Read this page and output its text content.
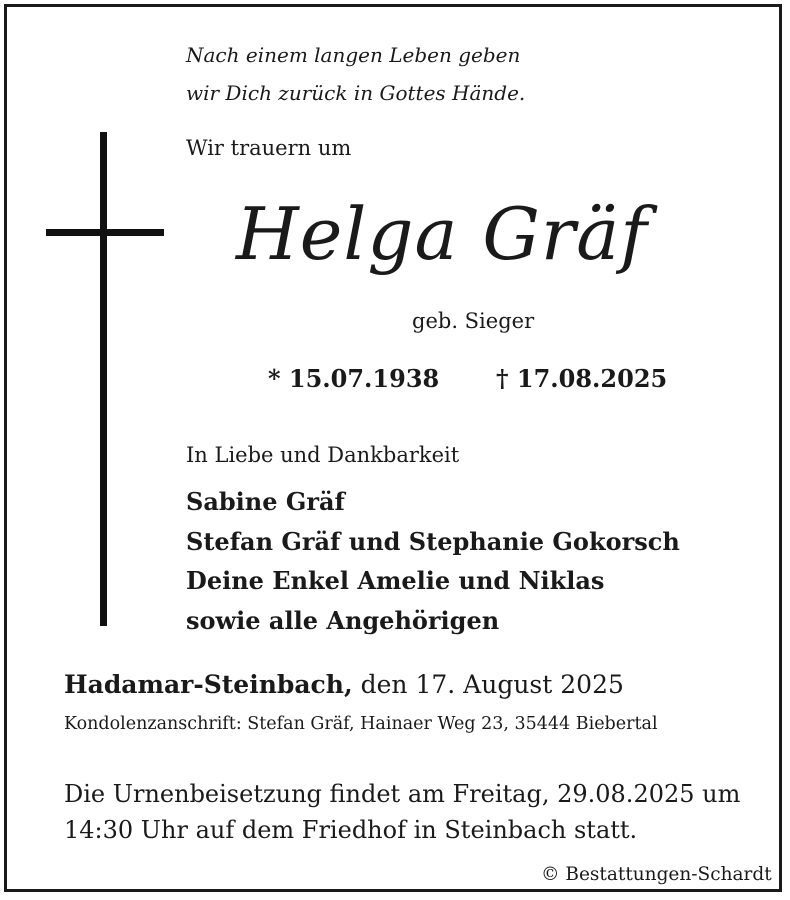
Nach einem langen Leben geben
wir Dich zurück in Gottes Hände.
Wir trauern um
Helga Gräf
geb. Sieger
* 15.07.1938 † 17.08.2025
In Liebe und Dankbarkeit
Sabine Gräf
Stefan Gräf und Stephanie Gokorsch
Deine Enkel Amelie und Niklas
sowie alle Angehörigen
Hadamar-Steinbach, den 17. August 2025
Kondolenzanschrift: Stefan Gräf, Hainaer Weg 23, 35444 Biebertal
Die Urnenbeisetzung findet am Freitag, 29.08.2025 um
14:30 Uhr auf dem Friedhof in Steinbach statt.
© Bestattungen-Schardt
